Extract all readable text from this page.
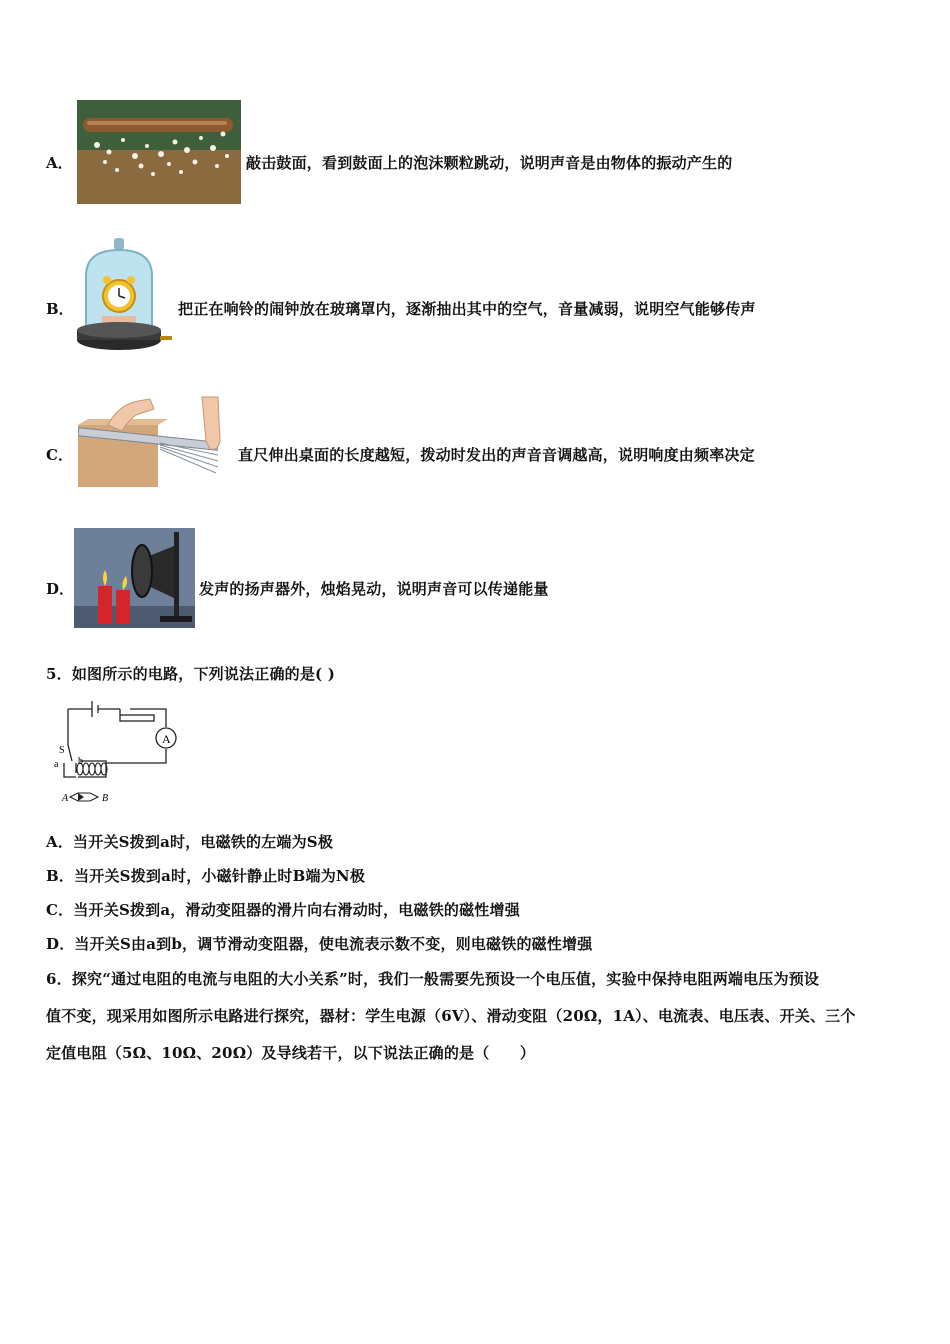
A．	敲击鼓面，看到鼓面上的泡沫颗粒跳动，说明声音是由物体的振动产生的
B．	把正在响铃的闹钟放在玻璃罩内，逐渐抽出其中的空气，音量减弱，说明空气能够传声
C．	直尺伸出桌面的长度越短，拨动时发出的声音音调越高，说明响度由频率决定
D．	发声的扬声器外，烛焰晃动，说明声音可以传递能量
5．如图所示的电路，下列说法正确的是( )
A
S
a b
A	B
A．当开关S拨到a时，电磁铁的左端为S极
B．当开关S拨到a时，小磁针静止时B端为N极
C．当开关S拨到a，滑动变阻器的滑片向右滑动时，电磁铁的磁性增强
D．当开关S由a到b，调节滑动变阻器，使电流表示数不变，则电磁铁的磁性增强
6．探究“通过电阻的电流与电阻的大小关系”时，我们一般需要先预设一个电压值，实验中保持电阻两端电压为预设
值不变，现采用如图所示电路进行探究，器材：学生电源（6V）、滑动变阻（20Ω，1A）、电流表、电压表、开关、三个
定值电阻（5Ω、10Ω、20Ω）及导线若干，以下说法正确的是（　　）
